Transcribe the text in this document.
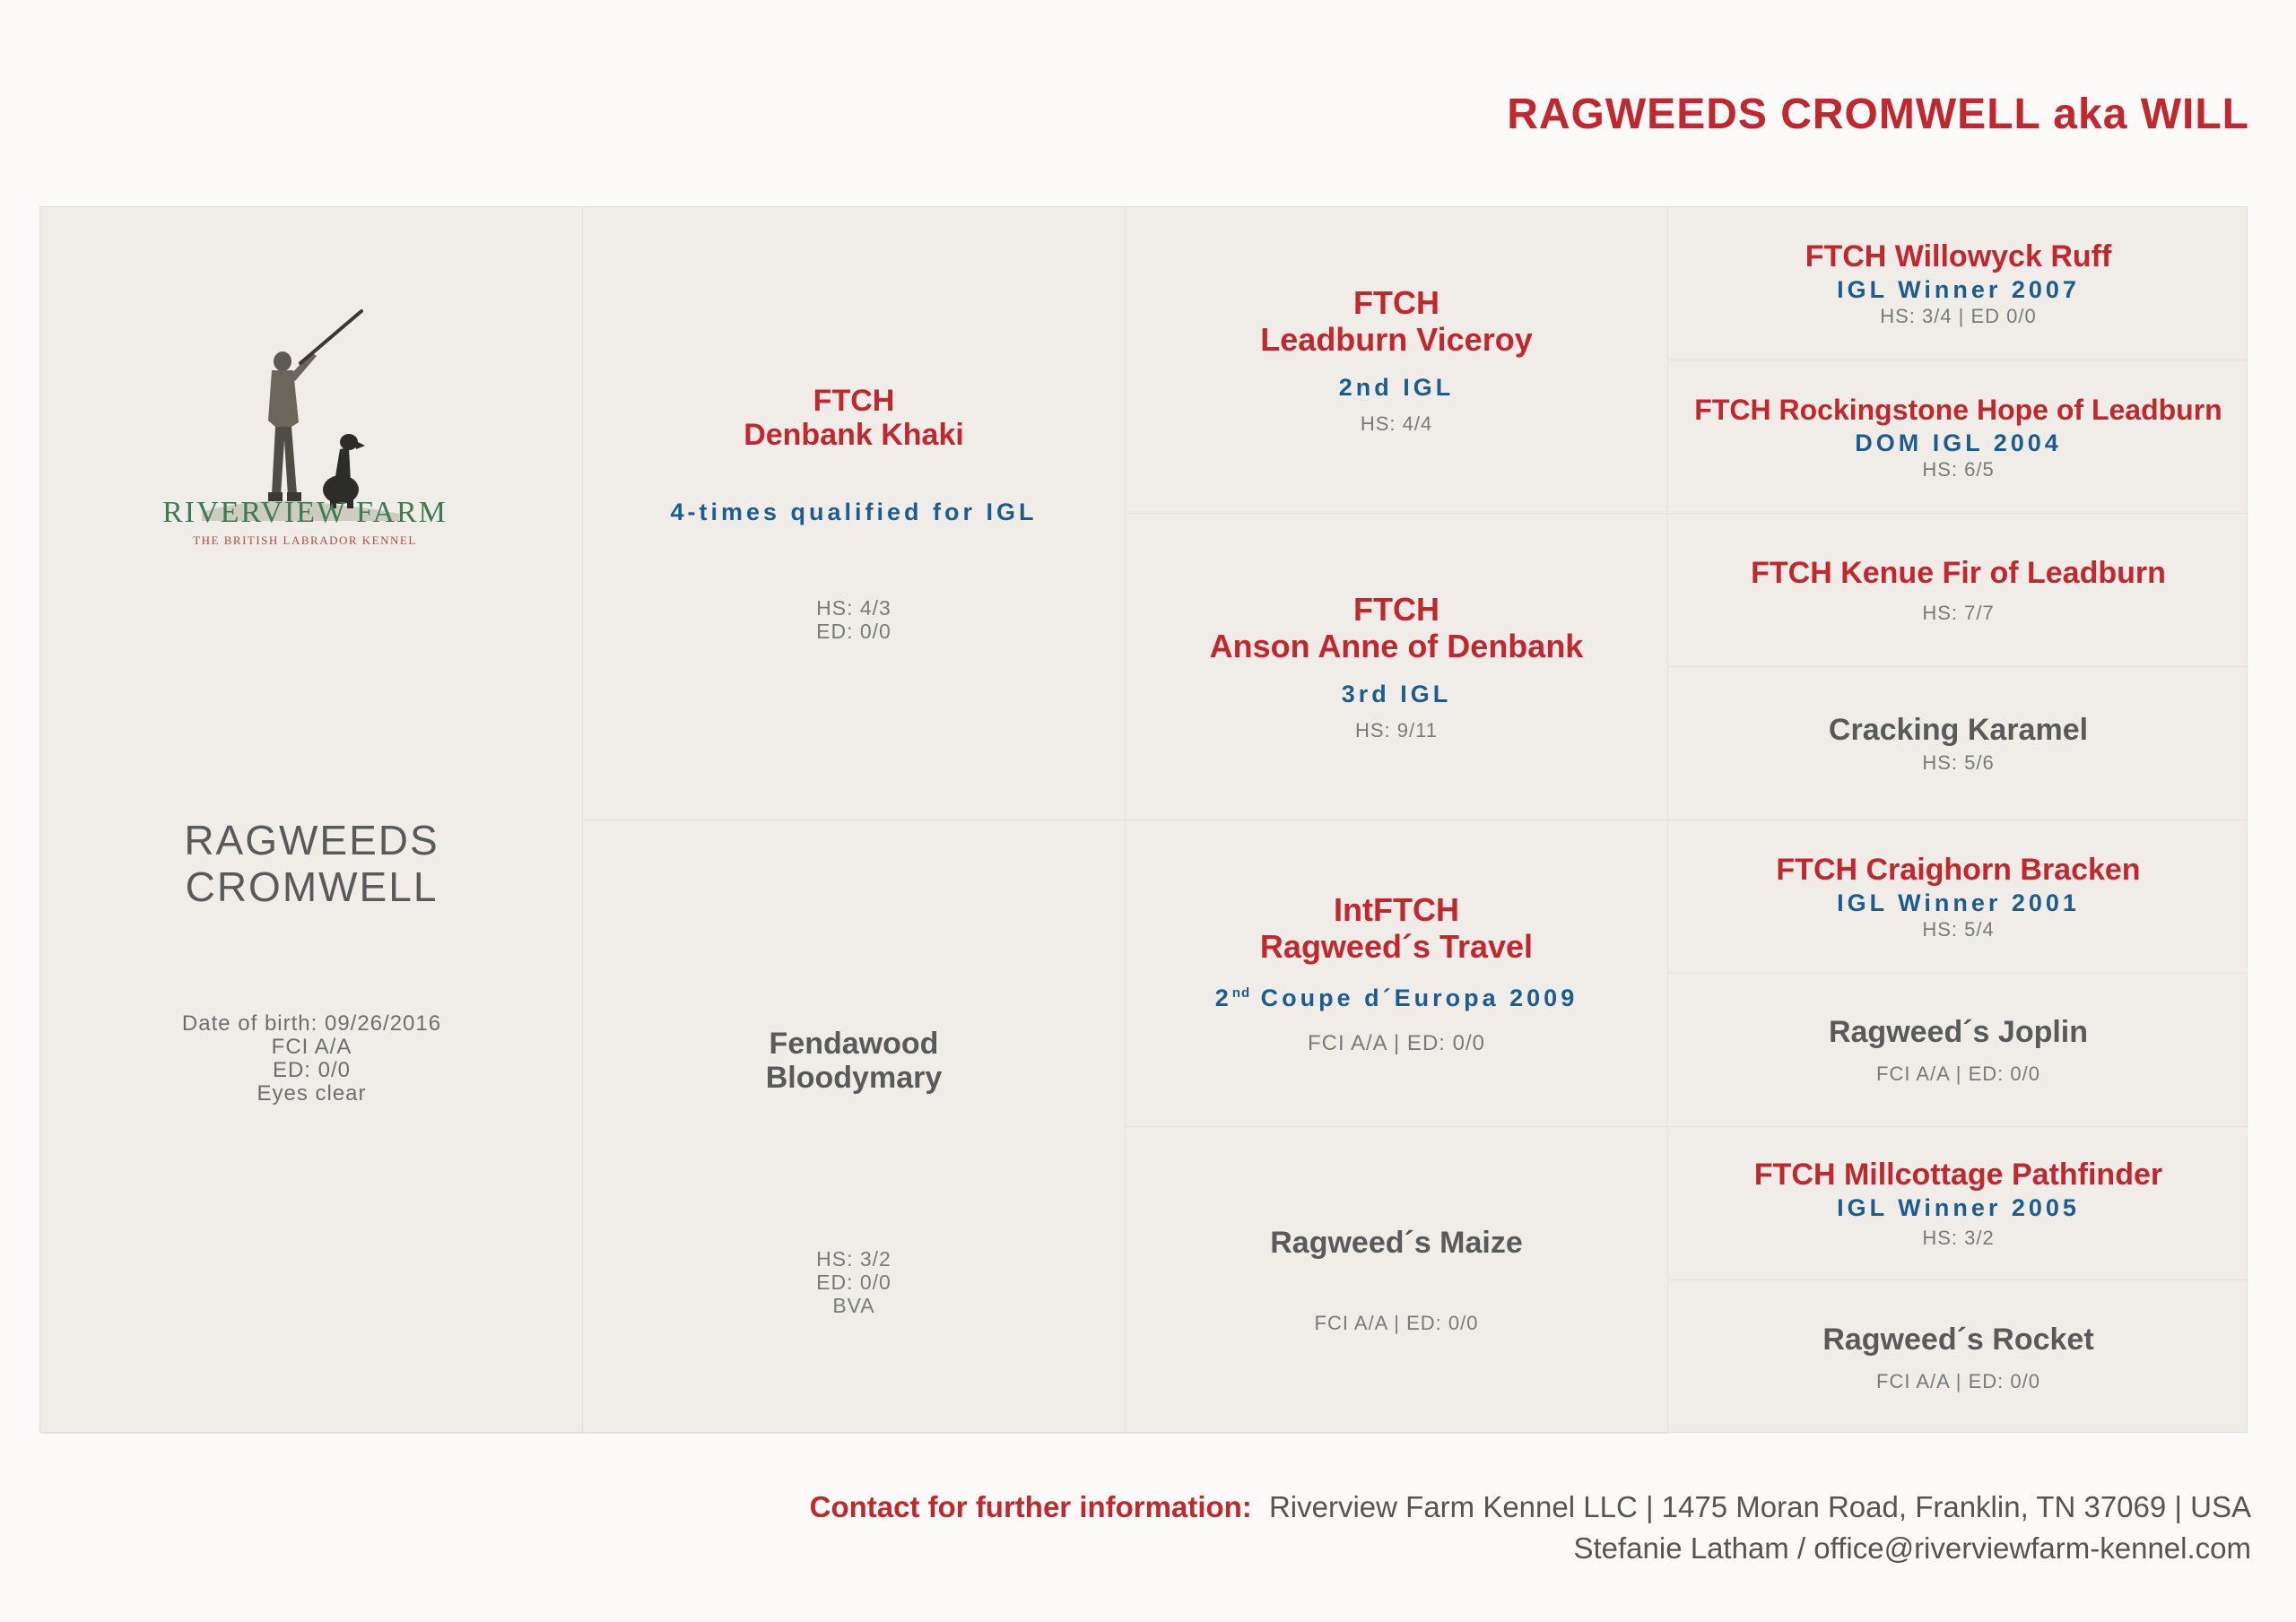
RAGWEEDS CROMWELL aka WILL
RIVERVIEW FARM
THE BRITISH LABRADOR KENNEL
RAGWEEDS
CROMWELL
Date of birth: 09/26/2016
FCI A/A
ED: 0/0
Eyes clear
FTCH
Denbank Khaki
4-times qualified for IGL
HS: 4/3
ED: 0/0
Fendawood
Bloodymary
HS: 3/2
ED: 0/0
BVA
FTCH
Leadburn Viceroy
2nd IGL
HS: 4/4
FTCH
Anson Anne of Denbank
3rd IGL
HS: 9/11
IntFTCH
Ragweed´s Travel
2nd Coupe d´Europa 2009
FCI A/A | ED: 0/0
Ragweed´s Maize
FCI A/A | ED: 0/0
FTCH Willowyck Ruff
IGL Winner 2007
HS: 3/4 | ED 0/0
FTCH Rockingstone Hope of Leadburn
DOM IGL 2004
HS: 6/5
FTCH Kenue Fir of Leadburn
HS: 7/7
Cracking Karamel
HS: 5/6
FTCH Craighorn Bracken
IGL Winner 2001
HS: 5/4
Ragweed´s Joplin
FCI A/A | ED: 0/0
FTCH Millcottage Pathfinder
IGL Winner 2005
HS: 3/2
Ragweed´s Rocket
FCI A/A | ED: 0/0
Contact for further information: Riverview Farm Kennel LLC | 1475 Moran Road, Franklin, TN 37069 | USA
Stefanie Latham / office@riverviewfarm-kennel.com
